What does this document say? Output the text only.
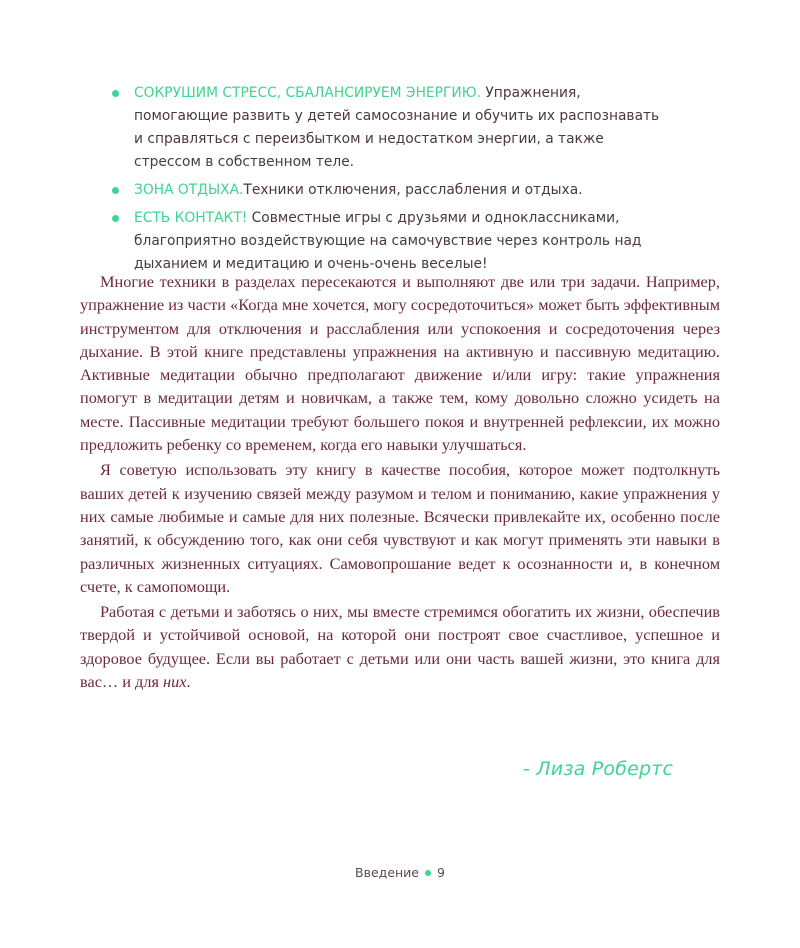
СОКРУШИМ СТРЕСС, СБАЛАНСИРУЕМ ЭНЕРГИЮ. Упражнения, помогающие развить у детей самосознание и обучить их распознавать и справляться с переизбытком и недостатком энергии, а также стрессом в собственном теле.
ЗОНА ОТДЫХА.Техники отключения, расслабления и отдыха.
ЕСТЬ КОНТАКТ! Совместные игры с друзьями и одноклассниками, благоприятно воздействующие на самочувствие через контроль над дыханием и медитацию и очень-очень веселые!

Многие техники в разделах пересекаются и выполняют две или три задачи. Например, упражнение из части «Когда мне хочется, могу сосредоточиться» может быть эффективным инструментом для отключения и расслабления или успокоения и сосредоточения через дыхание. В этой книге представлены упражнения на активную и пассивную медитацию. Активные медитации обычно предполагают движение и/или игру: такие упражнения помогут в медитации детям и новичкам, а также тем, кому довольно сложно усидеть на месте. Пассивные медитации требуют большего покоя и внутренней рефлексии, их можно предложить ребенку со временем, когда его навыки улучшаться.

Я советую использовать эту книгу в качестве пособия, которое может подтолкнуть ваших детей к изучению связей между разумом и телом и пониманию, какие упражнения у них самые любимые и самые для них полезные. Всячески привлекайте их, особенно после занятий, к обсуждению того, как они себя чувствуют и как могут применять эти навыки в различных жизненных ситуациях. Самовопрошание ведет к осознанности и, в конечном счете, к самопомощи.

Работая с детьми и заботясь о них, мы вместе стремимся обогатить их жизни, обеспечив твердой и устойчивой основой, на которой они построят свое счастливое, успешное и здоровое будущее. Если вы работает с детьми или они часть вашей жизни, это книга для вас… и для них.

- Лиза Робертс
Введение 9
